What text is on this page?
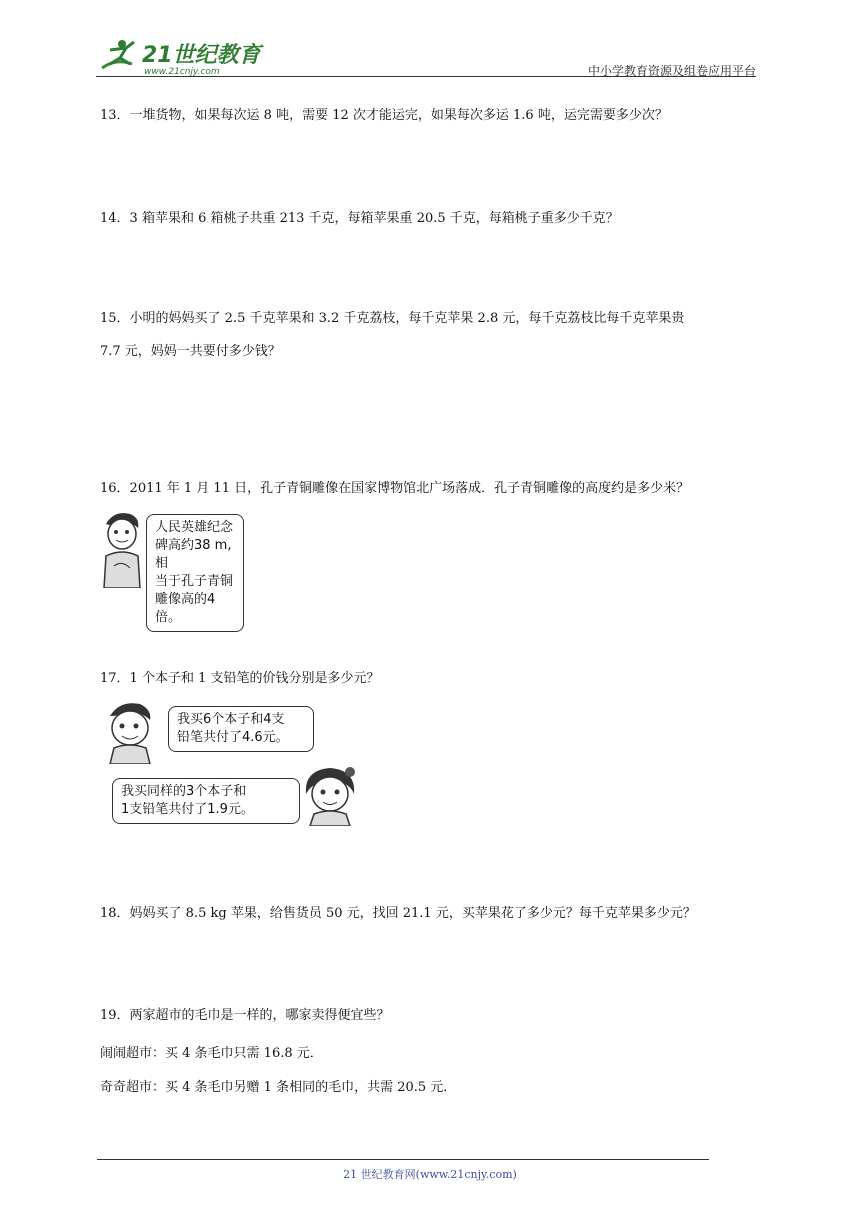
21世纪教育
www.21cnjy.com	中小学教育资源及组卷应用平台
13．一堆货物，如果每次运 8 吨，需要 12 次才能运完，如果每次多运 1.6 吨，运完需要多少次？
14．3 箱苹果和 6 箱桃子共重 213 千克，每箱苹果重 20.5 千克，每箱桃子重多少千克？
15．小明的妈妈买了 2.5 千克苹果和 3.2 千克荔枝，每千克苹果 2.8 元，每千克荔枝比每千克苹果贵
7.7 元，妈妈一共要付多少钱？
16．2011 年 1 月 11 日，孔子青铜雕像在国家博物馆北广场落成．孔子青铜雕像的高度约是多少米？
人民英雄纪念
碑高约38 m,相
当于孔子青铜
雕像高的4倍。
17．1 个本子和 1 支铅笔的价钱分别是多少元？
我买6个本子和4支
铅笔共付了4.6元。
我买同样的3个本子和
1支铅笔共付了1.9元。
18．妈妈买了 8.5 kg 苹果，给售货员 50 元，找回 21.1 元，买苹果花了多少元？每千克苹果多少元？
19．两家超市的毛巾是一样的，哪家卖得便宜些？
闹闹超市：买 4 条毛巾只需 16.8 元．
奇奇超市：买 4 条毛巾另赠 1 条相同的毛巾，共需 20.5 元．
21 世纪教育网(www.21cnjy.com)
